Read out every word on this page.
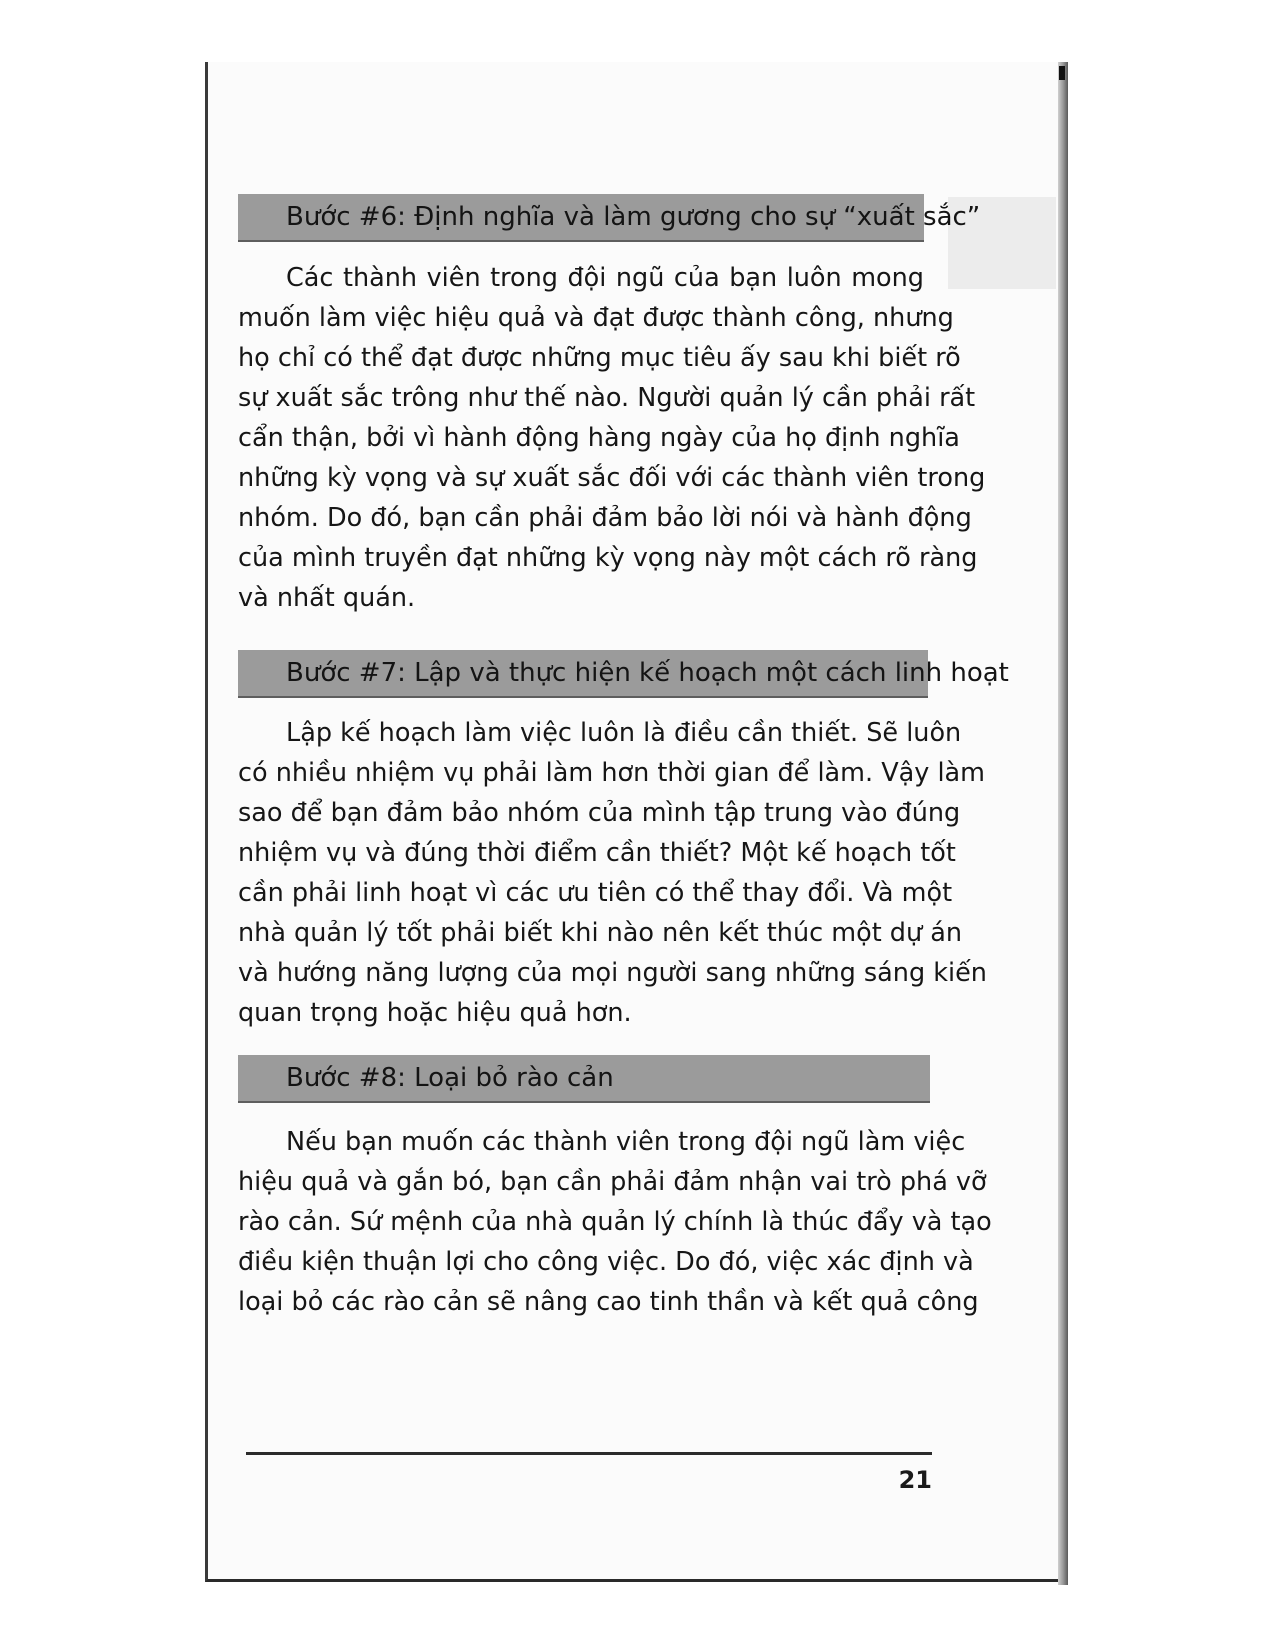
Bước #6: Định nghĩa và làm gương cho sự “xuất sắc”
Các thành viên trong đội ngũ của bạn luôn mong
muốn làm việc hiệu quả và đạt được thành công, nhưng
họ chỉ có thể đạt được những mục tiêu ấy sau khi biết rõ
sự xuất sắc trông như thế nào. Người quản lý cần phải rất
cẩn thận, bởi vì hành động hàng ngày của họ định nghĩa
những kỳ vọng và sự xuất sắc đối với các thành viên trong
nhóm. Do đó, bạn cần phải đảm bảo lời nói và hành động
của mình truyền đạt những kỳ vọng này một cách rõ ràng
và nhất quán.
Bước #7: Lập và thực hiện kế hoạch một cách linh hoạt
Lập kế hoạch làm việc luôn là điều cần thiết. Sẽ luôn
có nhiều nhiệm vụ phải làm hơn thời gian để làm. Vậy làm
sao để bạn đảm bảo nhóm của mình tập trung vào đúng
nhiệm vụ và đúng thời điểm cần thiết? Một kế hoạch tốt
cần phải linh hoạt vì các ưu tiên có thể thay đổi. Và một
nhà quản lý tốt phải biết khi nào nên kết thúc một dự án
và hướng năng lượng của mọi người sang những sáng kiến
quan trọng hoặc hiệu quả hơn.
Bước #8: Loại bỏ rào cản
Nếu bạn muốn các thành viên trong đội ngũ làm việc
hiệu quả và gắn bó, bạn cần phải đảm nhận vai trò phá vỡ
rào cản. Sứ mệnh của nhà quản lý chính là thúc đẩy và tạo
điều kiện thuận lợi cho công việc. Do đó, việc xác định và
loại bỏ các rào cản sẽ nâng cao tinh thần và kết quả công
21
